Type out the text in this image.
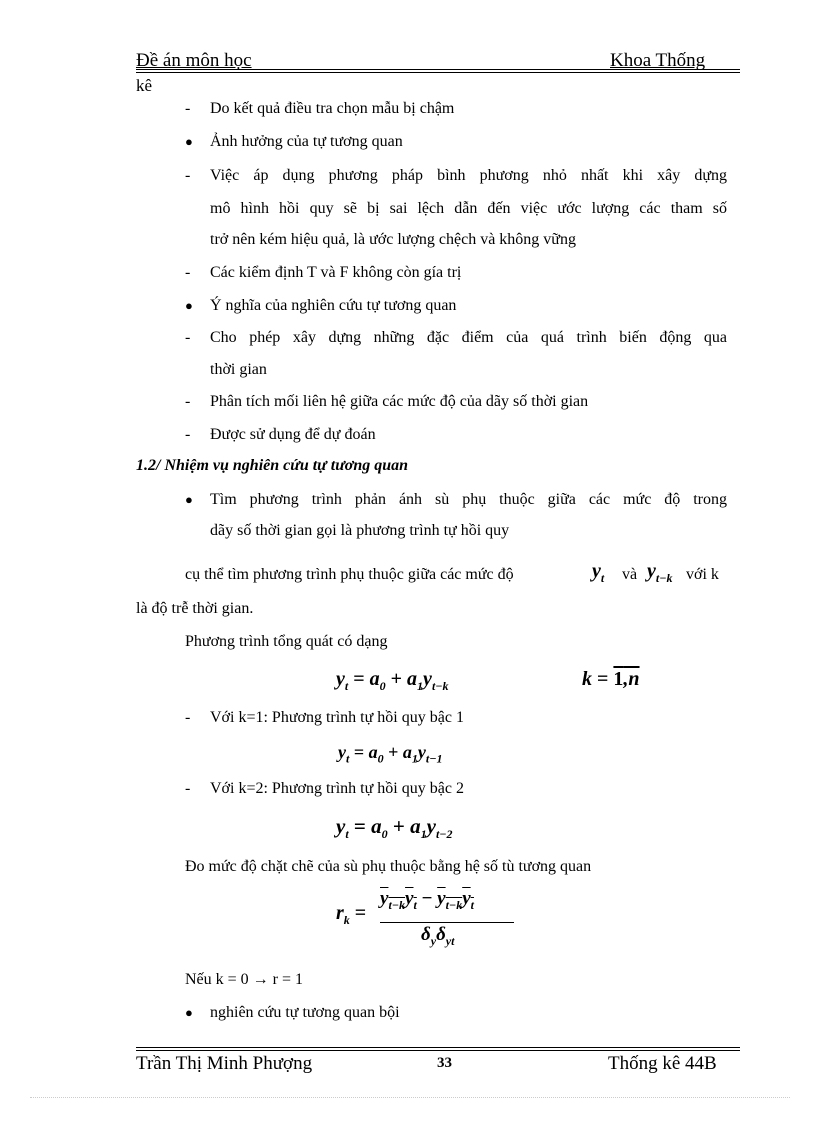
Đề án môn học	Khoa Thống
kê
- Do kết quả điều tra chọn mẫu bị chậm
● Ảnh hưởng của tự tương quan
- Việc áp dụng phương pháp bình phương nhỏ nhất khi xây dựng
mô hình hồi quy sẽ bị sai lệch dẫn đến việc ước lượng các tham số
trở nên kém hiệu quả, là ước lượng chệch và không vững
- Các kiểm định T và F không còn gía trị
● Ý nghĩa của nghiên cứu tự tương quan
- Cho phép xây dựng những đặc điểm của quá trình biến động qua
thời gian
- Phân tích mối liên hệ giữa các mức độ của dãy số thời gian
- Được sử dụng để dự đoán
1.2/ Nhiệm vụ nghiên cứu tự tương quan
● Tìm phương trình phản ánh sù phụ thuộc giữa các mức độ trong
dãy số thời gian gọi là phương trình tự hồi quy
cụ thể tìm phương trình phụ thuộc giữa các mức độ	$y_t$ và $y_{t-k}$ với k
là độ trễ thời gian.
Phương trình tổng quát có dạng
$y_t = a_0 + a_1y_{t-k}$	k = 1,n
- Với k=1: Phương trình tự hồi quy bậc 1
$y_t = a_0 + a_1y_{t-1}$
- Với k=2: Phương trình tự hồi quy bậc 2
$y_t = a_0 + a_1y_{t-2}$
Đo mức độ chặt chẽ của sù phụ thuộc bằng hệ số tù tương quan
$r_k$ =
$y_{t-k}y_t - y_{t-k}y_t$
$\delta_y\delta_{yt}$
Nếu k = 0 → r = 1
● nghiên cứu tự tương quan bội
Trần Thị Minh Phượng	33	Thống kê 44B
